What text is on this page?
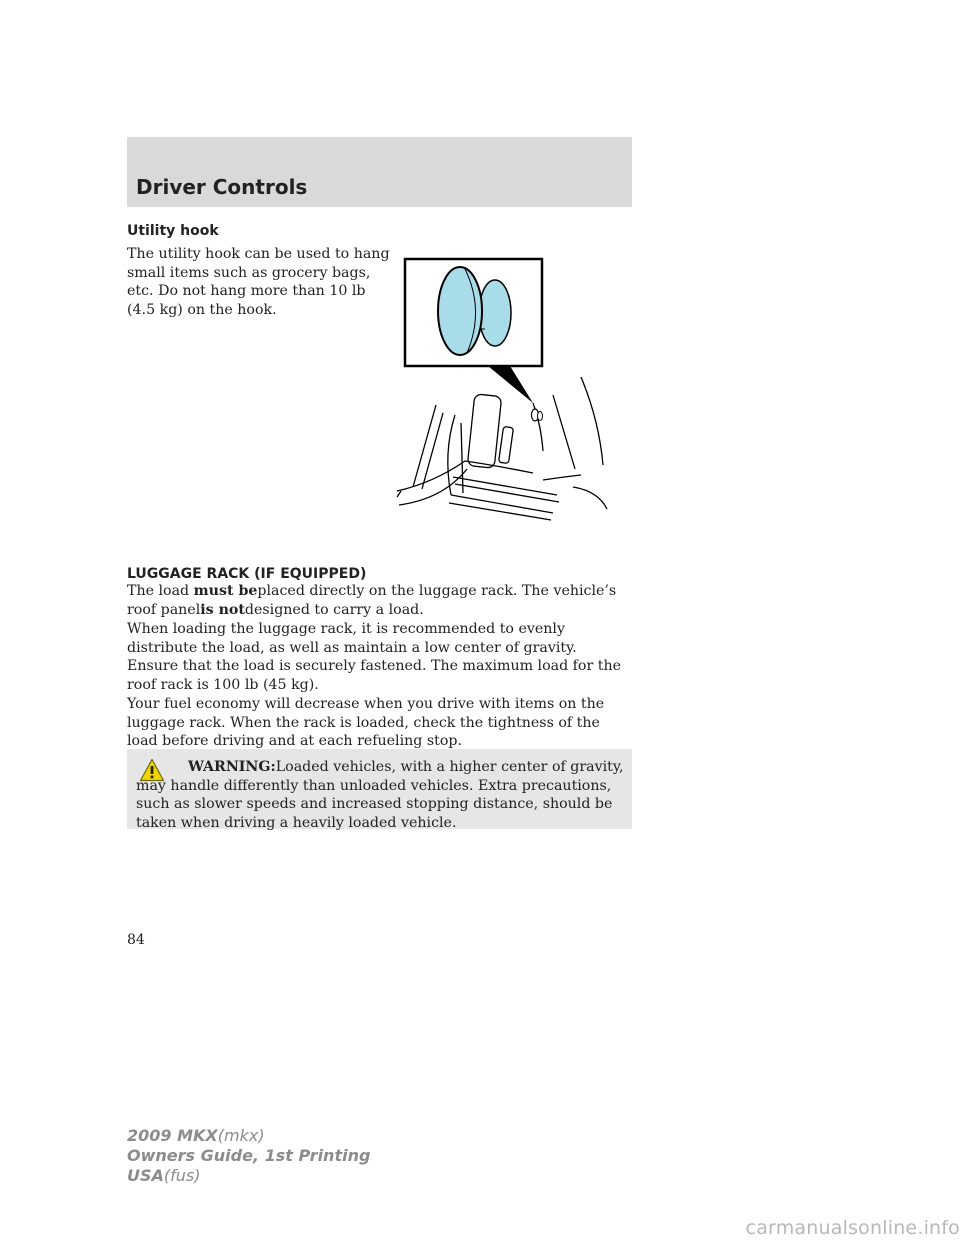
Driver Controls
Utility hook

The utility hook can be used to hang small items such as grocery bags, etc. Do not hang more than 10 lb (4.5 kg) on the hook.

LUGGAGE RACK (IF EQUIPPED)

The load must beplaced directly on the luggage rack. The vehicle’s roof panelis notdesigned to carry a load.

When loading the luggage rack, it is recommended to evenly distribute the load, as well as maintain a low center of gravity. Ensure that the load is securely fastened. The maximum load for the roof rack is 100 lb (45 kg).

Your fuel economy will decrease when you drive with items on the luggage rack. When the rack is loaded, check the tightness of the load before driving and at each refueling stop.

WARNING:Loaded vehicles, with a higher center of gravity, may handle differently than unloaded vehicles. Extra precautions, such as slower speeds and increased stopping distance, should be taken when driving a heavily loaded vehicle.

84
2009 MKX(mkx)
Owners Guide, 1st Printing
USA(fus)
carmanualsonline.info
